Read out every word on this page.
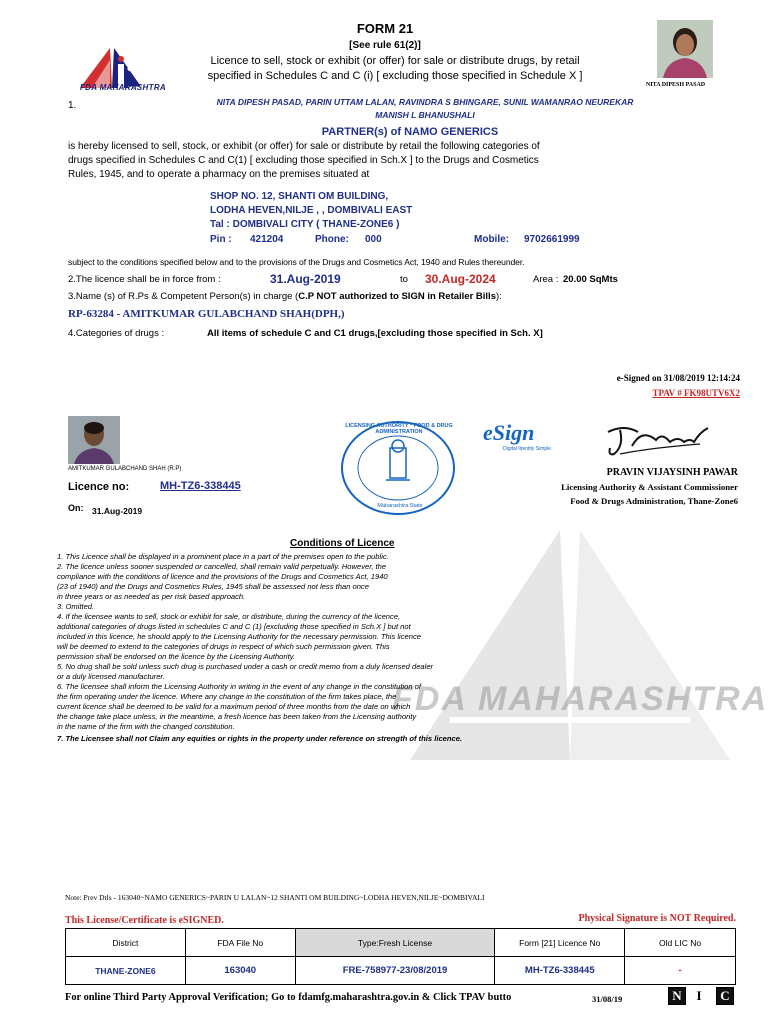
FDA MAHARASHTRA
FORM 21
[See rule 61(2)]
Licence to sell, stock or exhibit (or offer) for sale or distribute drugs, by retail
specified in Schedules C and C (i) [ excluding those specified in Schedule X ]
NITA DIPESH PASAD
1.	NITA DIPESH PASAD, PARIN UTTAM LALAN, RAVINDRA S BHINGARE, SUNIL WAMANRAO NEUREKAR
MANISH L BHANUSHALI
PARTNER(s) of NAMO GENERICS
is hereby licensed to sell, stock, or exhibit (or offer) for sale or distribute by retail the following categories of
drugs specified in Schedules C and C(1) [ excluding those specified in Sch.X ] to the Drugs and Cosmetics
Rules, 1945, and to operate a pharmacy on the premises situated at
SHOP NO. 12, SHANTI OM BUILDING,
LODHA HEVEN,NILJE , , DOMBIVALI EAST
Tal : DOMBIVALI CITY ( THANE-ZONE6 )
Pin : 421204	Phone: 000	Mobile: 9702661999
subject to the conditions specified below and to the provisions of the Drugs and Cosmetics Act, 1940 and Rules thereunder.
2.The licence shall be in force from :	31.Aug-2019	to 30.Aug-2024	Area : 20.00 SqMts
3.Name (s) of R.Ps & Competent Person(s) in charge (C.P NOT authorized to SIGN in Retailer Bills):
RP-63284 - AMITKUMAR GULABCHAND SHAH(DPH,)
4.Categories of drugs :	All items of schedule C and C1 drugs,[excluding those specified in Sch. X]
e-Signed on 31/08/2019 12:14:24
TPAV # FK98UTV6X2
AMITKUMAR GULABCHAND SHAH (R.P)
LICENSING AUTHORITY * FOOD & DRUG ADMINISTRATION
Maharashtra State
eSign
Digital Identity Simple
PRAVIN VIJAYSINH PAWAR
Licensing Authority & Assistant Commissioner
Food & Drugs Administration, Thane-Zone6
Licence no:	MH-TZ6-338445
On: 31.Aug-2019
FDA MAHARASHTRA
Conditions of Licence
1. This Licence shall be displayed in a prominent place in a part of the premises open to the public.
2. The licence unless sooner suspended or cancelled, shall remain valid perpetually. However, the
compliance with the conditions of licence and the provisions of the Drugs and Cosmetics Act, 1940
(23 of 1940) and the Drugs and Cosmetics Rules, 1945 shall be assessed not less than once
in three years or as needed as per risk based approach.
3. Omitted.
4. If the licensee wants to sell, stock or exhibit for sale, or distribute, during the currency of the licence,
additional categories of drugs listed in schedules C and C (1) [excluding those specified in Sch.X ] but not
included in this licence, he should apply to the Licensing Authority for the necessary permission. This licence
will be deemed to extend to the categories of drugs in respect of which such permission given. This
permission shall be endorsed on the licence by the Licensing Authority.
5. No drug shall be sold unless such drug is purchased under a cash or credit memo from a duly licensed dealer
or a duly licensed manufacturer.
6. The licensee shall inform the Licensing Authority in writing in the event of any change in the constitution of
the firm operating under the licence. Where any change in the constitution of the firm takes place, the
current licence shall be deemed to be valid for a maximum period of three months from the date on which
the change take place unless, in the meantime, a fresh licence has been taken from the Licensing authority
in the name of the firm with the changed constitution.
7. The Licensee shall not Claim any equities or rights in the property under reference on strength of this licence.
Note: Prev Dtls - 163040~NAMO GENERICS~PARIN U LALAN~12 SHANTI OM BUILDING~LODHA HEVEN,NILJE~DOMBIVALI
This License/Certificate is eSIGNED.	Physical Signature is NOT Required.
District	FDA File No	Type:Fresh License	Form [21] Licence No	Old LIC No
THANE-ZONE6	163040	FRE-758977-23/08/2019	MH-TZ6-338445	-
For online Third Party Approval Verification; Go to fdamfg.maharashtra.gov.in & Click TPAV butto	31/08/19	N	I	C
